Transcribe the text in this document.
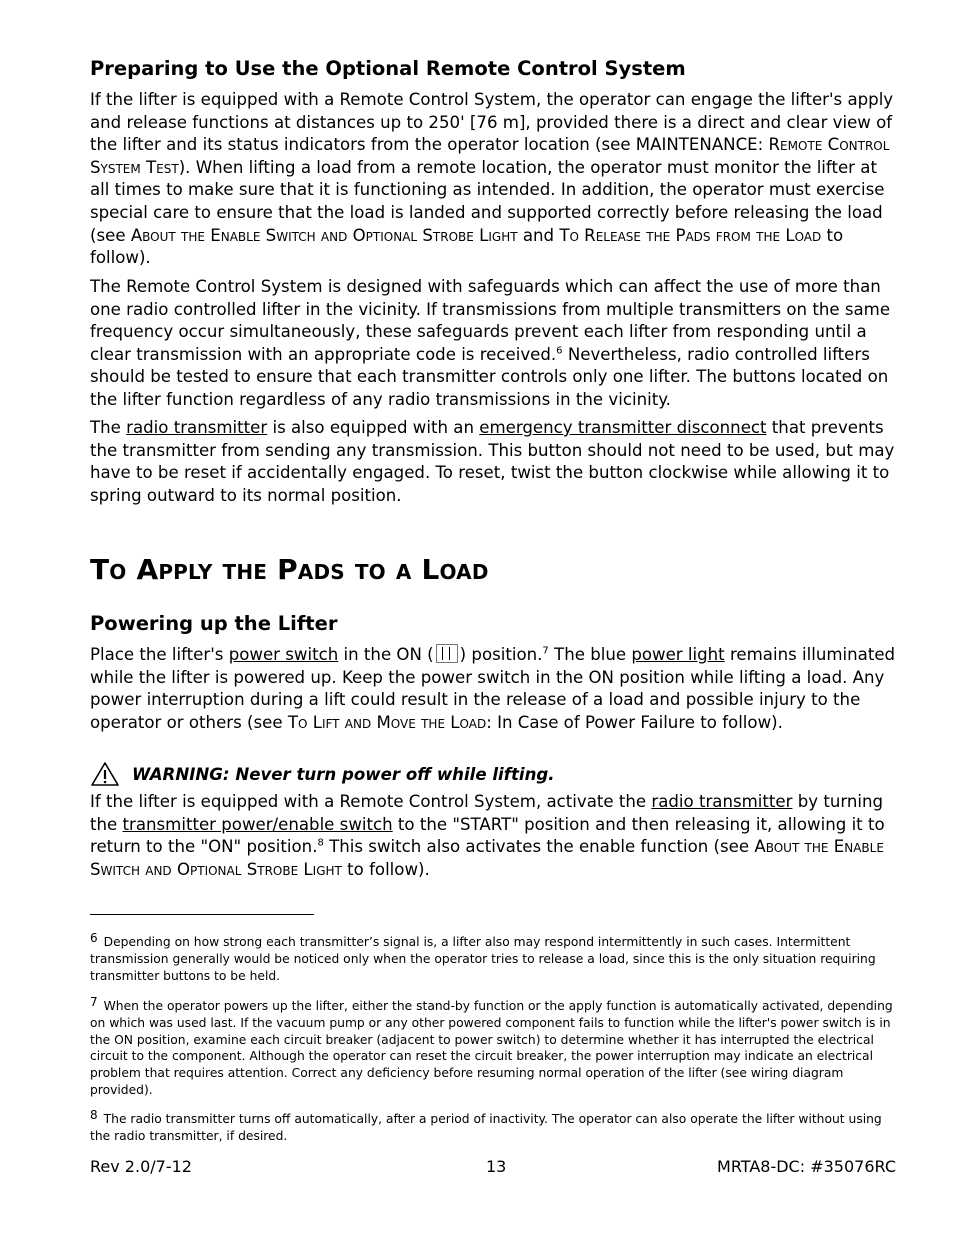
Preparing to Use the Optional Remote Control System
If the lifter is equipped with a Remote Control System, the operator can engage the lifter's apply and release functions at distances up to 250' [76 m], provided there is a direct and clear view of the lifter and its status indicators from the operator location (see MAINTENANCE: Remote Control System Test). When lifting a load from a remote location, the operator must monitor the lifter at all times to make sure that it is functioning as intended. In addition, the operator must exercise special care to ensure that the load is landed and supported correctly before releasing the load (see About the Enable Switch and Optional Strobe Light and To Release the Pads from the Load to follow).
The Remote Control System is designed with safeguards which can affect the use of more than one radio controlled lifter in the vicinity. If transmissions from multiple transmitters on the same frequency occur simultaneously, these safeguards prevent each lifter from responding until a clear transmission with an appropriate code is received.$^6$ Nevertheless, radio controlled lifters should be tested to ensure that each transmitter controls only one lifter. The buttons located on the lifter function regardless of any radio transmissions in the vicinity.
The radio transmitter is also equipped with an emergency transmitter disconnect that prevents the transmitter from sending any transmission. This button should not need to be used, but may have to be reset if accidentally engaged. To reset, twist the button clockwise while allowing it to spring outward to its normal position.
To Apply the Pads to a Load
Powering up the Lifter
Place the lifter's power switch in the ON ( ) position.$^7$ The blue power light remains illuminated while the lifter is powered up. Keep the power switch in the ON position while lifting a load. Any power interruption during a lift could result in the release of a load and possible injury to the operator or others (see To Lift and Move the Load: In Case of Power Failure to follow).
WARNING: Never turn power off while lifting.
If the lifter is equipped with a Remote Control System, activate the radio transmitter by turning the transmitter power/enable switch to the "START" position and then releasing it, allowing it to return to the "ON" position.$^8$ This switch also activates the enable function (see About the Enable Switch and Optional Strobe Light to follow).
6 Depending on how strong each transmitter’s signal is, a lifter also may respond intermittently in such cases. Intermittent transmission generally would be noticed only when the operator tries to release a load, since this is the only situation requiring transmitter buttons to be held.
7 When the operator powers up the lifter, either the stand-by function or the apply function is automatically activated, depending on which was used last. If the vacuum pump or any other powered component fails to function while the lifter's power switch is in the ON position, examine each circuit breaker (adjacent to power switch) to determine whether it has interrupted the electrical circuit to the component. Although the operator can reset the circuit breaker, the power interruption may indicate an electrical problem that requires attention. Correct any deficiency before resuming normal operation of the lifter (see wiring diagram provided).
8 The radio transmitter turns off automatically, after a period of inactivity. The operator can also operate the lifter without using the radio transmitter, if desired.
Rev 2.0/7-12	13	MRTA8-DC: #35076RC
